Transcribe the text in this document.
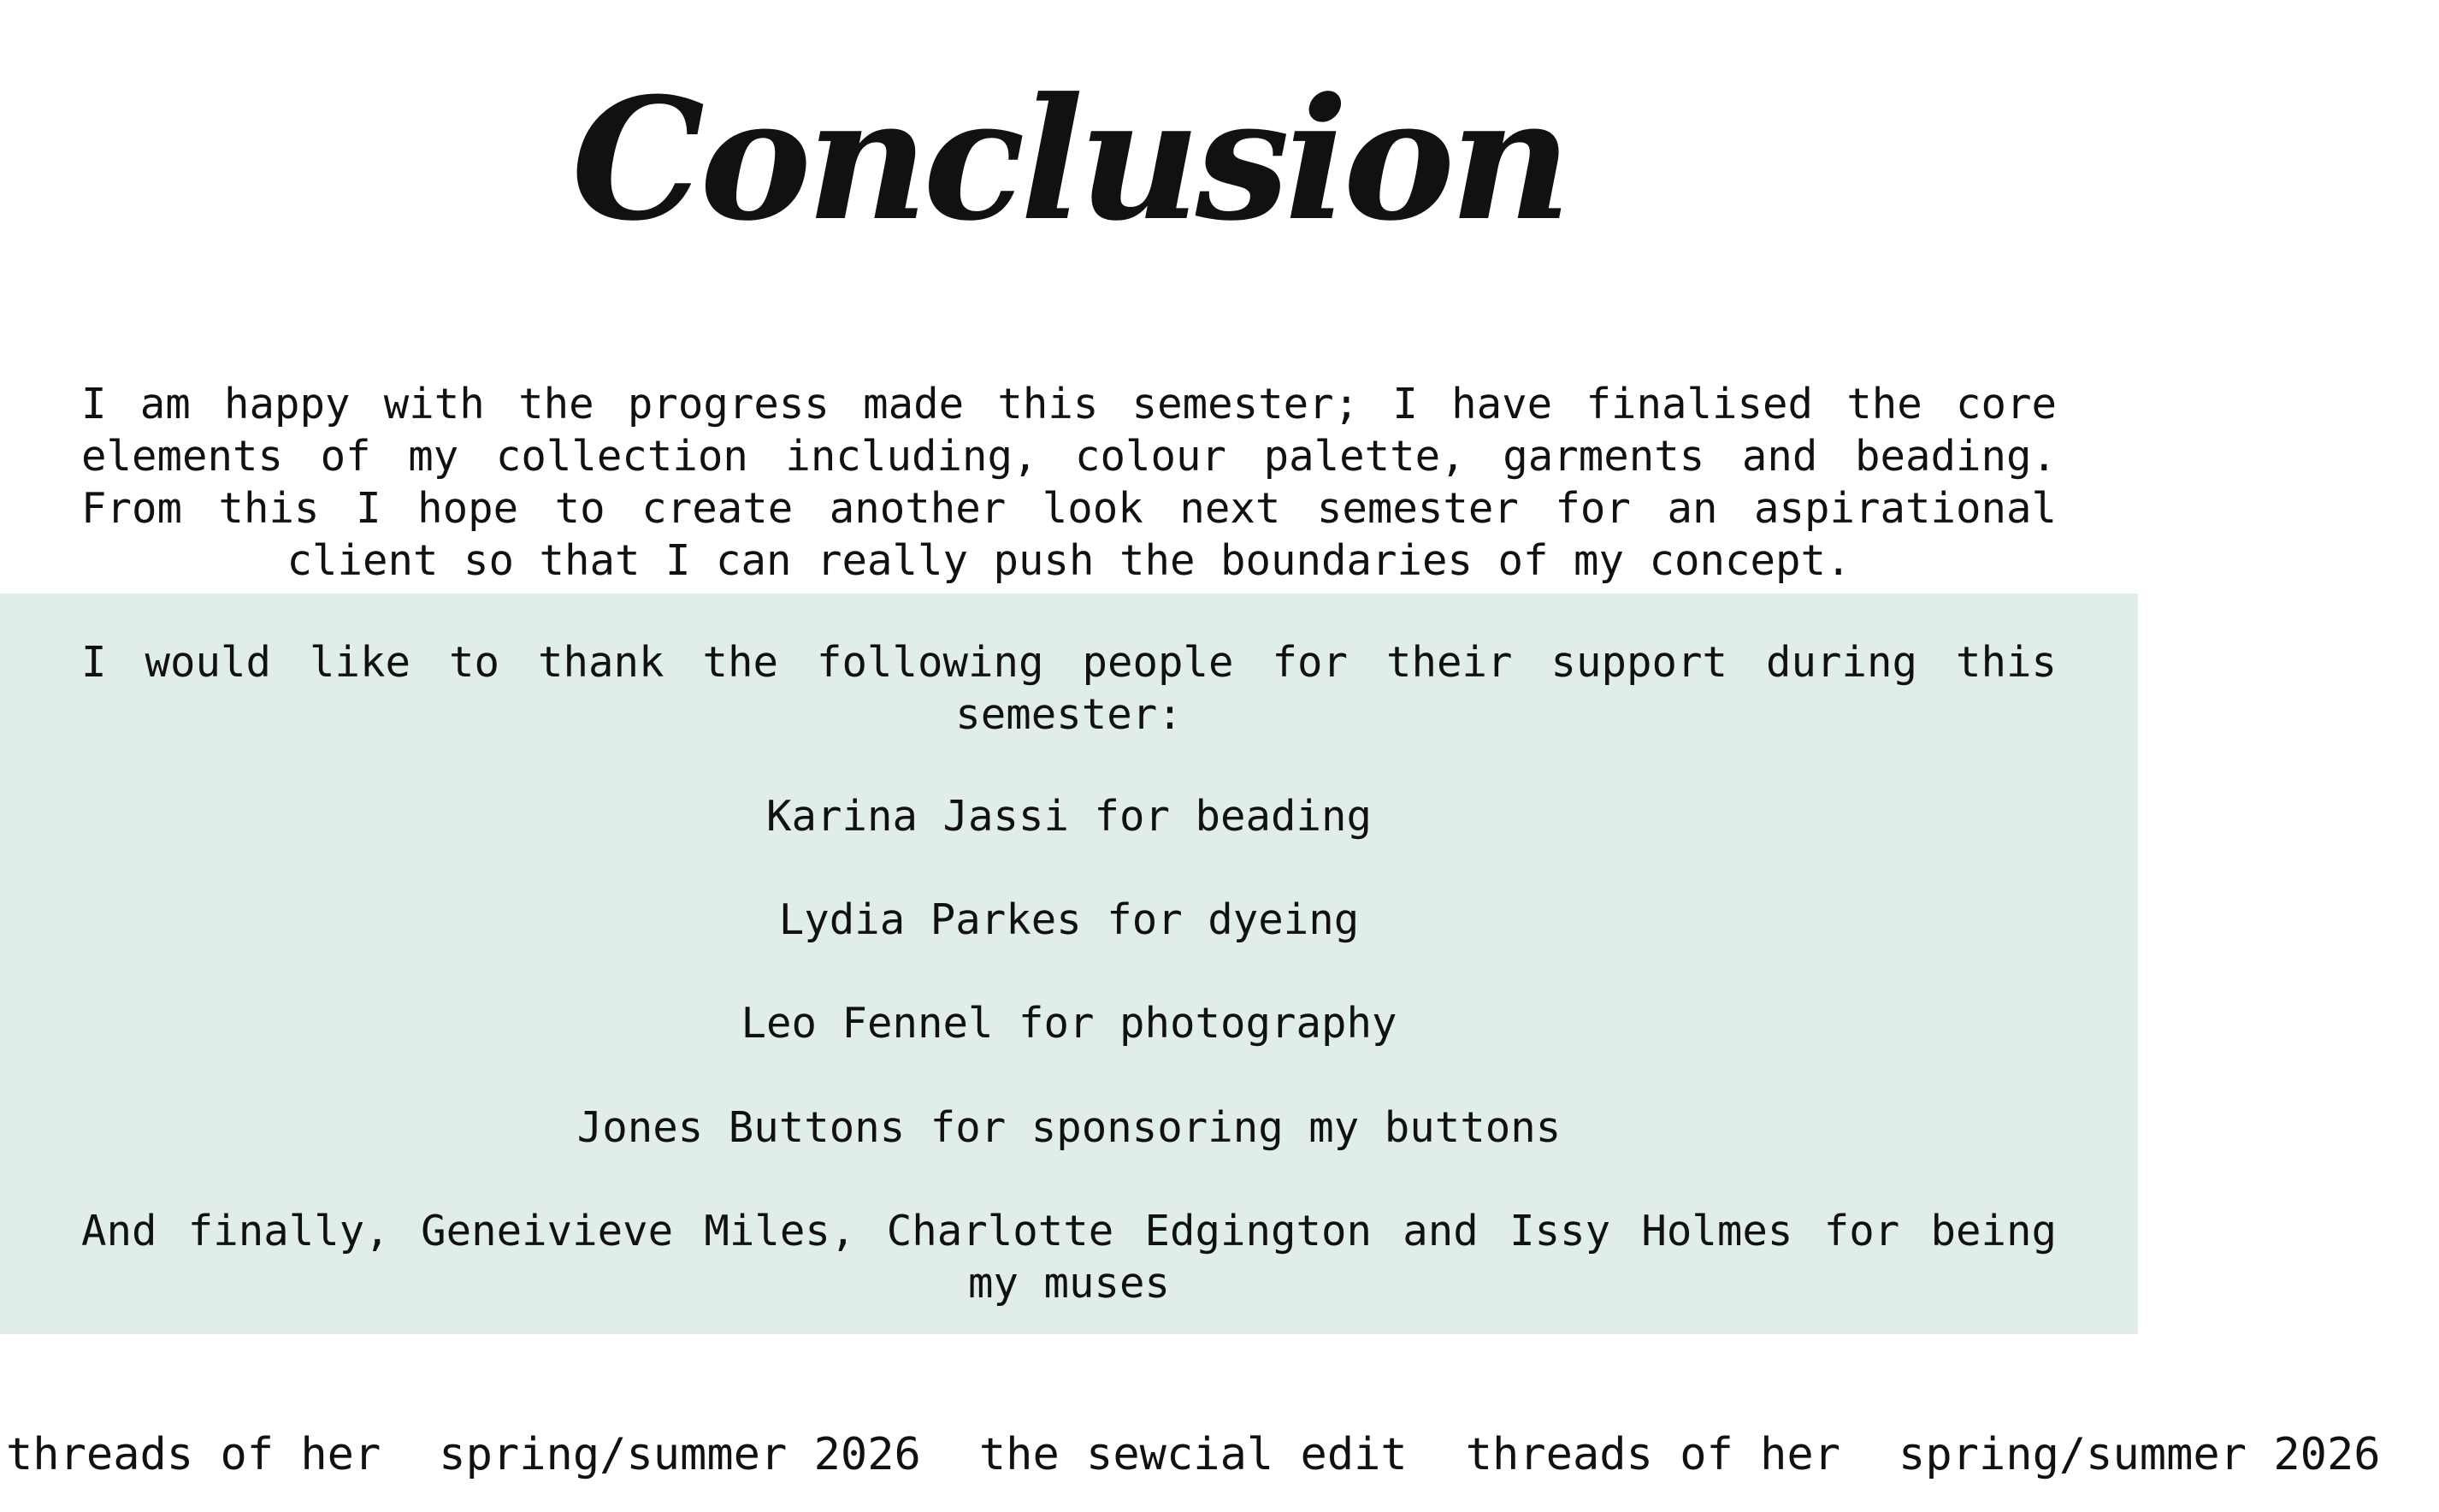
Conclusion

I am happy with the progress made this semester; I have finalised the core elements of my collection including, colour palette, garments and beading. From this I hope to create another look next semester for an aspirational client so that I can really push the boundaries of my concept.

I would like to thank the following people for their support during this semester:

Karina Jassi for beading

Lydia Parkes for dyeing

Leo Fennel for photography

Jones Buttons for sponsoring my buttons

And finally, Geneivieve Miles, Charlotte Edgington and Issy Holmes for being my muses

threads of her spring/summer 2026 the sewcial edit threads of her spring/summer 2026
